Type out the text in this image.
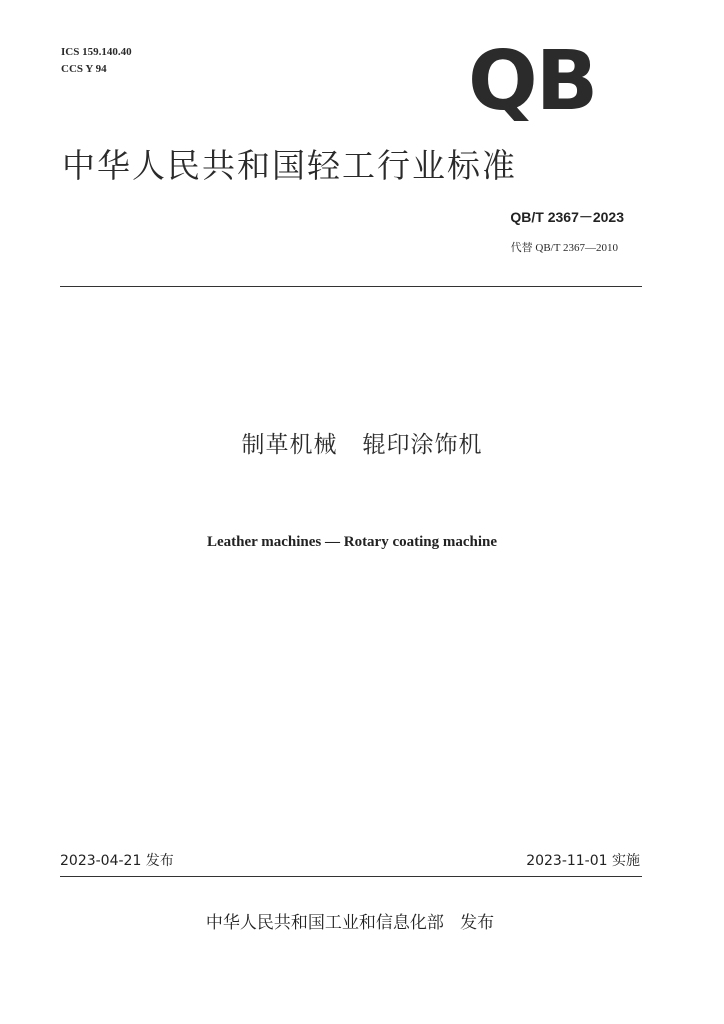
ICS 159.140.40
CCS Y 94	QB
中华人民共和国轻工行业标准
QB/T 2367－2023
代替 QB/T 2367—2010
制革机械   辊印涂饰机
Leather machines — Rotary coating machine
2023-04-21 发布	2023-11-01 实施
中华人民共和国工业和信息化部   发布
